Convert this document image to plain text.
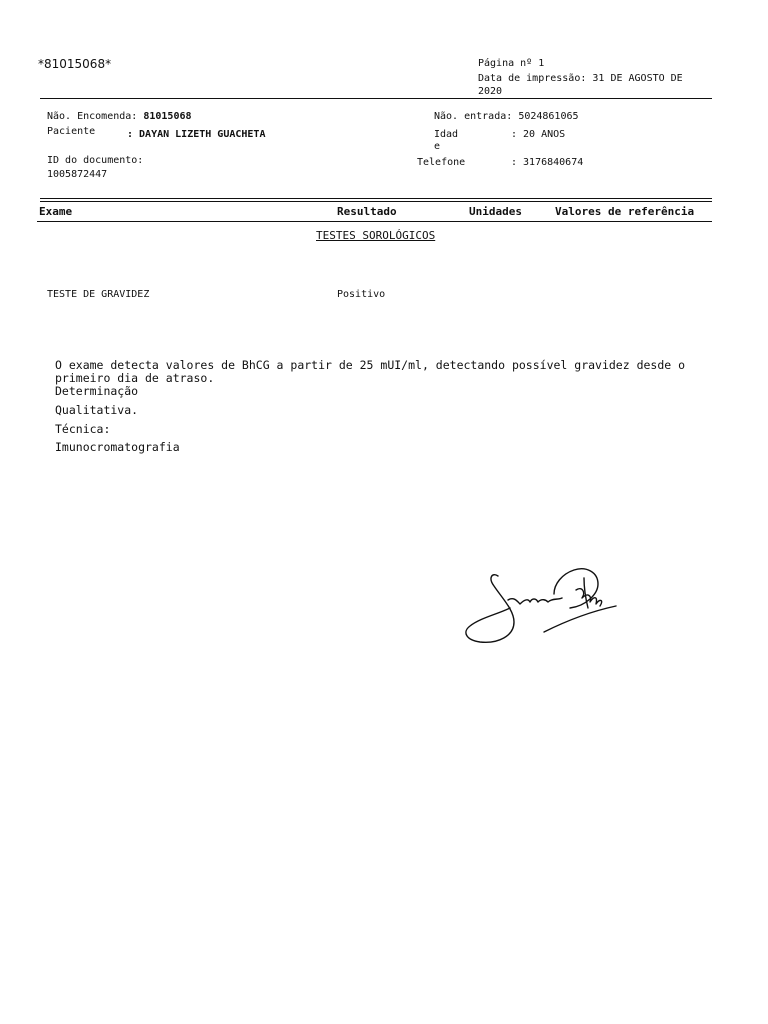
*81015068*	Página nº 1
Data de impressão: 31 DE AGOSTO DE
2020
Não. Encomenda: 81015068
Paciente	: DAYAN LIZETH GUACHETA
ID do documento:
1005872447
Não. entrada: 5024861065
Idad
e
: 20 ANOS
Telefone	: 3176840674
Exame	Resultado	Unidades	Valores de referência
TESTES SOROLÓGICOS
TESTE DE GRAVIDEZ	Positivo
O exame detecta valores de BhCG a partir de 25 mUI/ml, detectando possível gravidez desde o
primeiro dia de atraso.
Determinação
Qualitativa.
Técnica:
Imunocromatografia
